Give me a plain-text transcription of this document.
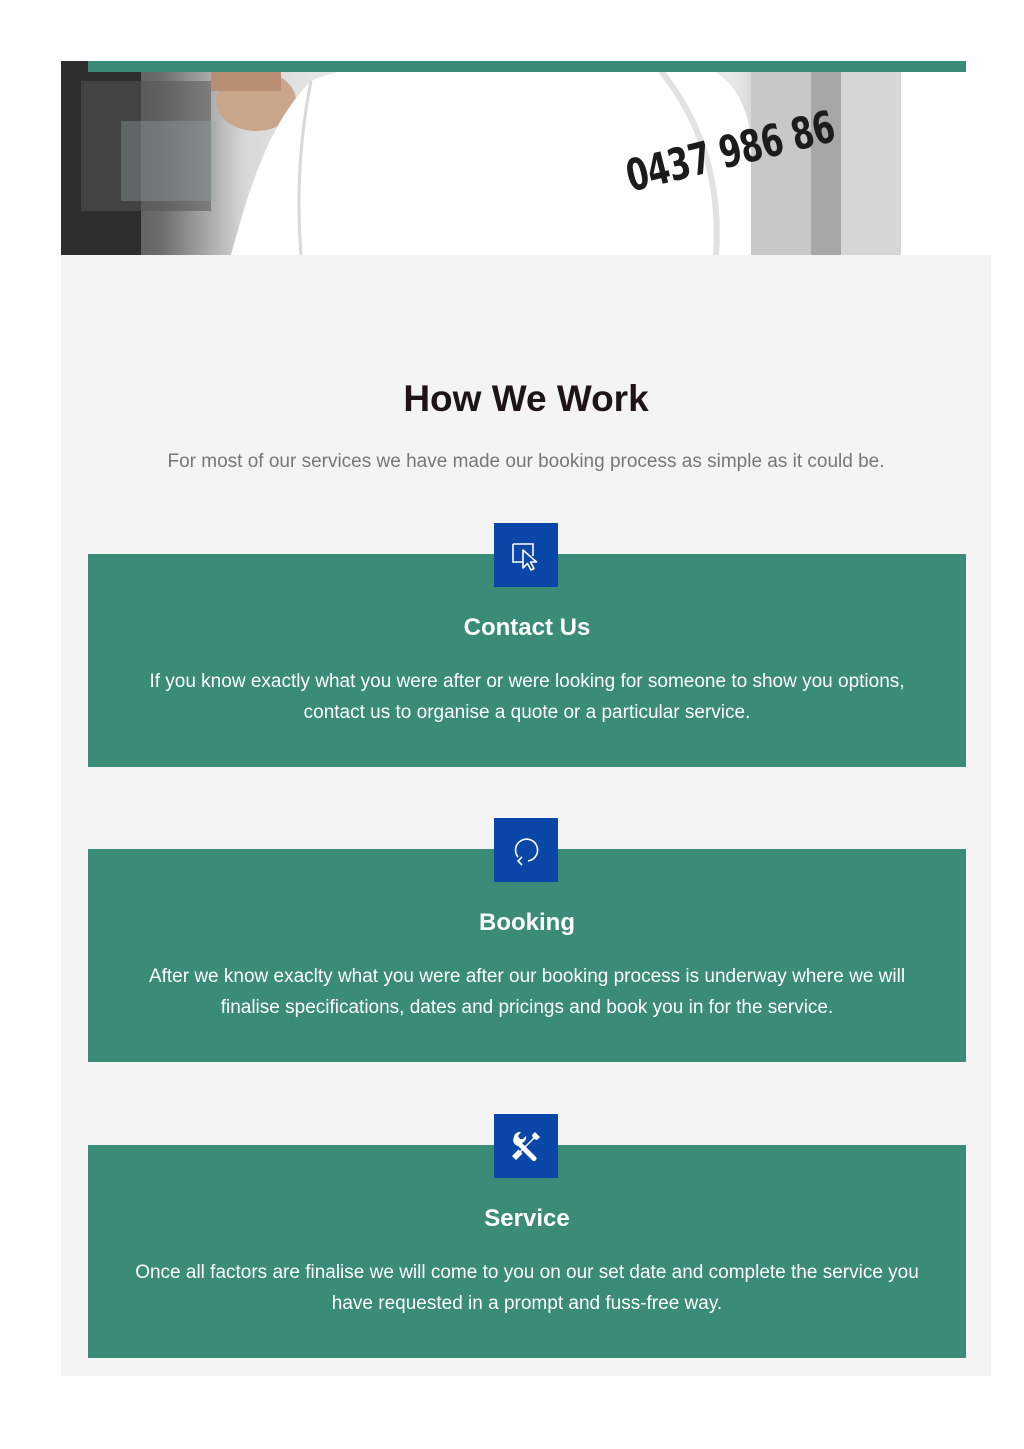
0437 986 86
How We Work
For most of our services we have made our booking process as simple as it could be.
Contact Us
If you know exactly what you were after or were looking for someone to show you options, contact us to organise a quote or a particular service.
Booking
After we know exaclty what you were after our booking process is underway where we will finalise specifications, dates and pricings and book you in for the service.
Service
Once all factors are finalise we will come to you on our set date and complete the service you have requested in a prompt and fuss-free way.
